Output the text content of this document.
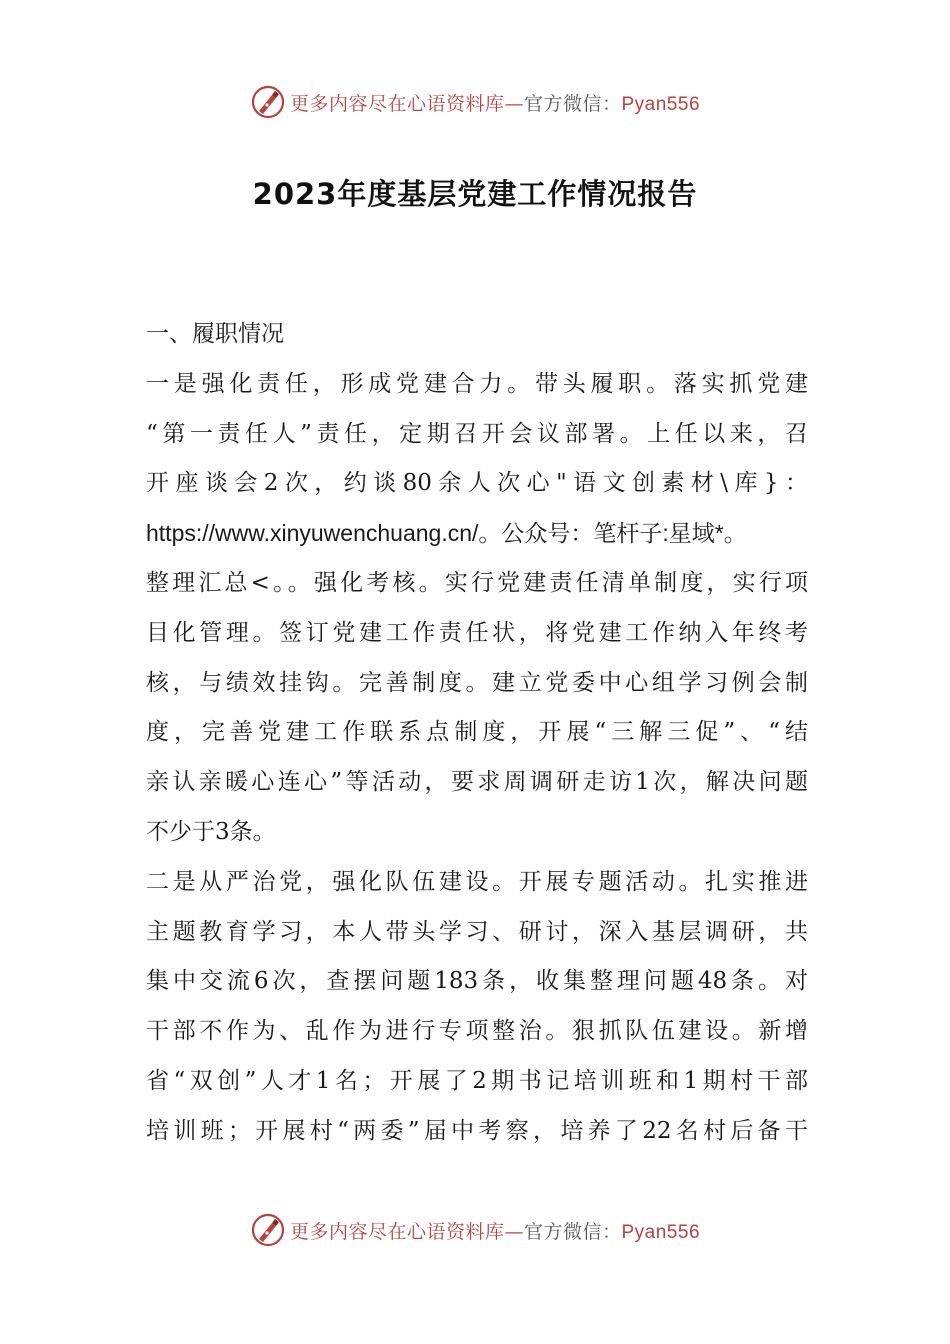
更多内容尽在心语资料库—官方微信：Pyan556
2023年度基层党建工作情况报告
一、履职情况
一是强化责任，形成党建合力。带头履职。落实抓党建
“第一责任人”责任，定期召开会议部署。上任以来，召
开座谈会2次，约谈80余人次心"语文创素材\库}：
https://www.xinyuwenchuang.cn/。公众号：笔杆子:星域*。
整理汇总<。。强化考核。实行党建责任清单制度，实行项
目化管理。签订党建工作责任状，将党建工作纳入年终考
核，与绩效挂钩。完善制度。建立党委中心组学习例会制
度，完善党建工作联系点制度，开展“三解三促”、“结
亲认亲暖心连心”等活动，要求周调研走访1次，解决问题
不少于3条。
二是从严治党，强化队伍建设。开展专题活动。扎实推进
主题教育学习，本人带头学习、研讨，深入基层调研，共
集中交流6次，查摆问题183条，收集整理问题48条。对
干部不作为、乱作为进行专项整治。狠抓队伍建设。新增
省“双创”人才1名；开展了2期书记培训班和1期村干部
培训班；开展村“两委”届中考察，培养了22名村后备干
更多内容尽在心语资料库—官方微信：Pyan556
